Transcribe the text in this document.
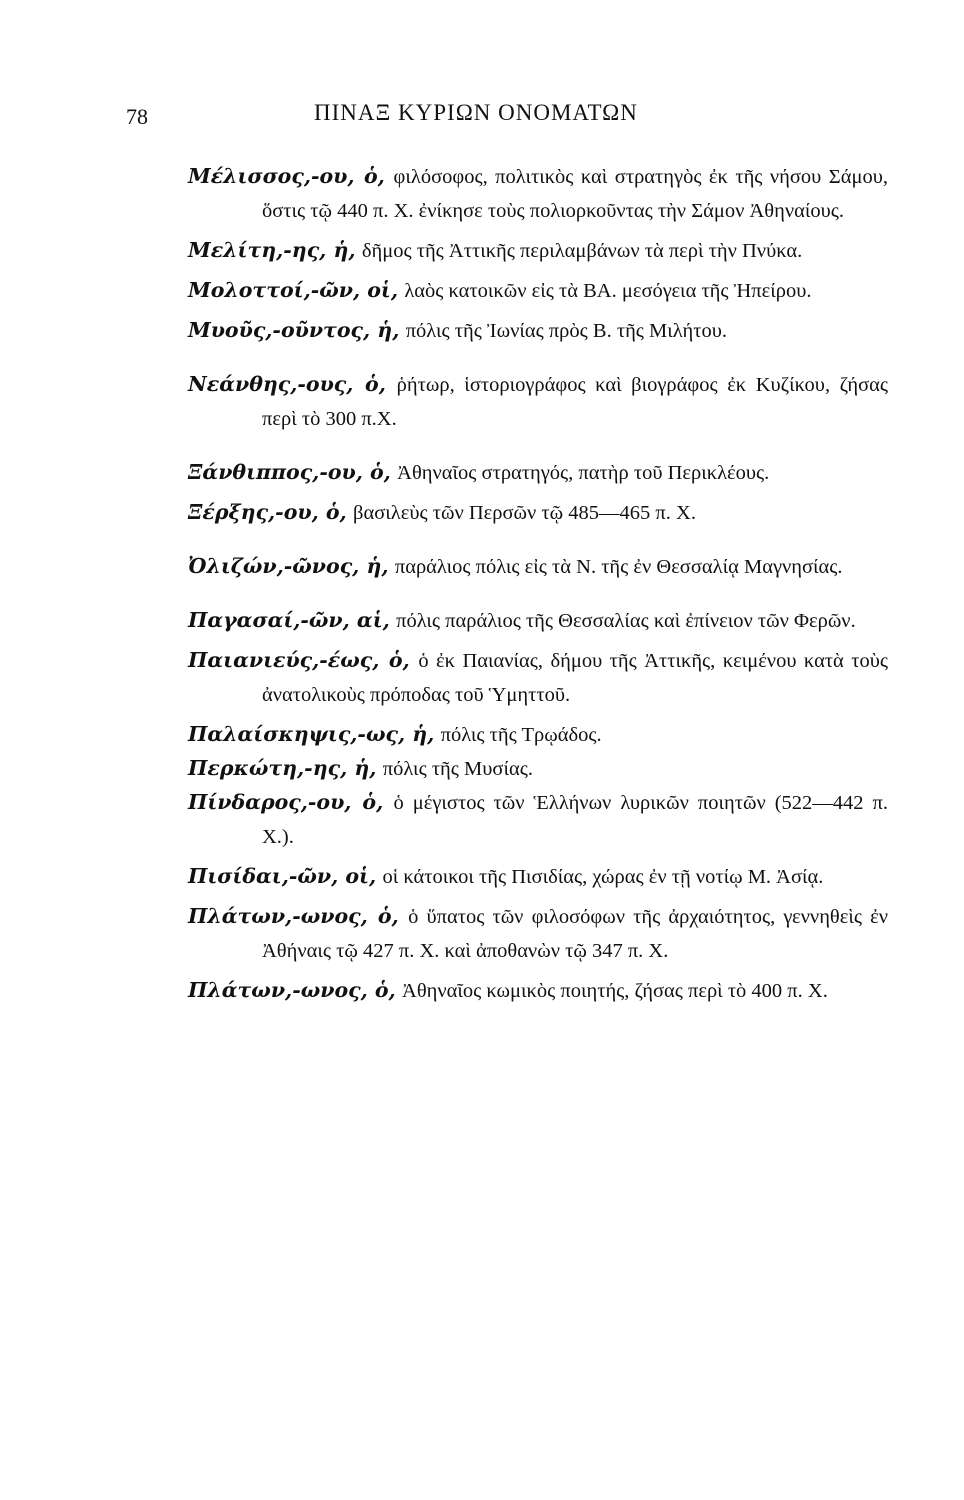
78	ΠΙΝΑΞ ΚΥΡΙΩΝ ΟΝΟΜΑΤΩΝ

Μέλισσος,-ου, ὁ, φιλόσοφος, πολιτικὸς καὶ στρατηγὸς ἐκ τῆς νήσου Σάμου, ὅστις τῷ 440 π. Χ. ἐνίκησε τοὺς πολιορκοῦντας τὴν Σάμον Ἀθηναίους.

Μελίτη,-ης, ἡ, δῆμος τῆς Ἀττικῆς περιλαμβάνων τὰ περὶ τὴν Πνύκα.

Μολοττοί,-ῶν, οἱ, λαὸς κατοικῶν εἰς τὰ ΒΑ. μεσόγεια τῆς Ἠπείρου.

Μυοῦς,-οῦντος, ἡ, πόλις τῆς Ἰωνίας πρὸς Β. τῆς Μιλήτου.

Νεάνθης,-ους, ὁ, ῥήτωρ, ἱστοριογράφος καὶ βιογράφος ἐκ Κυζίκου, ζήσας περὶ τὸ 300 π.Χ.

Ξάνθιππος,-ου, ὁ, Ἀθηναῖος στρατηγός, πατὴρ τοῦ Περικλέους.

Ξέρξης,-ου, ὁ, βασιλεὺς τῶν Περσῶν τῷ 485—465 π. Χ.

Ὀλιζών,-ῶνος, ἡ, παράλιος πόλις εἰς τὰ Ν. τῆς ἐν Θεσσαλίᾳ Μαγνησίας.

Παγασαί,-ῶν, αἱ, πόλις παράλιος τῆς Θεσσαλίας καὶ ἐπίνειον τῶν Φερῶν.

Παιανιεύς,-έως, ὁ, ὁ ἐκ Παιανίας, δήμου τῆς Ἀττικῆς, κειμένου κατὰ τοὺς ἀνατολικοὺς πρόποδας τοῦ Ὑμηττοῦ.

Παλαίσκηψις,-ως, ἡ, πόλις τῆς Τρῳάδος.

Περκώτη,-ης, ἡ, πόλις τῆς Μυσίας.

Πίνδαρος,-ου, ὁ, ὁ μέγιστος τῶν Ἑλλήνων λυρικῶν ποιητῶν (522—442 π. Χ.).

Πισίδαι,-ῶν, οἱ, οἱ κάτοικοι τῆς Πισιδίας, χώρας ἐν τῇ νοτίῳ Μ. Ἀσίᾳ.

Πλάτων,-ωνος, ὁ, ὁ ὕπατος τῶν φιλοσόφων τῆς ἀρχαιότητος, γεννηθεὶς ἐν Ἀθήναις τῷ 427 π. Χ. καὶ ἀποθανὼν τῷ 347 π. Χ.

Πλάτων,-ωνος, ὁ, Ἀθηναῖος κωμικὸς ποιητής, ζήσας περὶ τὸ 400 π. Χ.
